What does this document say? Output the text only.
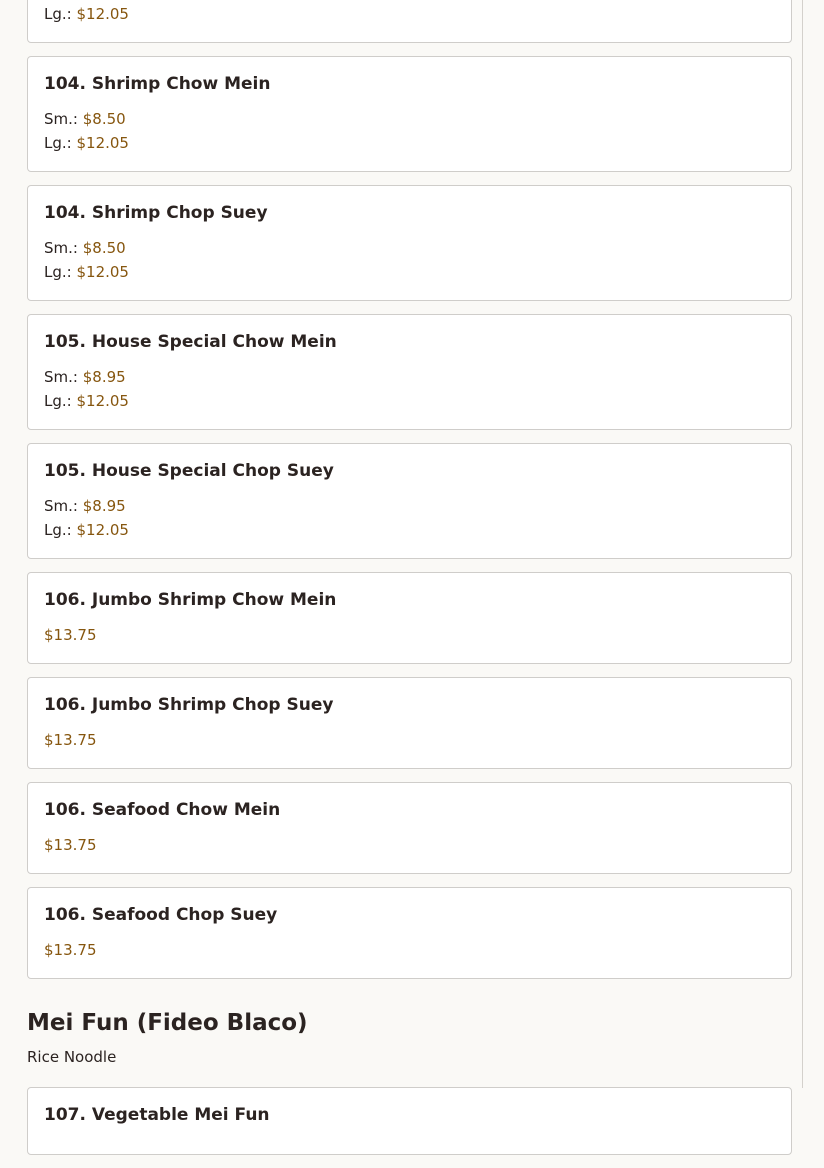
Lg.: $12.05
104. Shrimp Chow Mein
Sm.: $8.50
Lg.: $12.05
104. Shrimp Chop Suey
Sm.: $8.50
Lg.: $12.05
105. House Special Chow Mein
Sm.: $8.95
Lg.: $12.05
105. House Special Chop Suey
Sm.: $8.95
Lg.: $12.05
106. Jumbo Shrimp Chow Mein
$13.75
106. Jumbo Shrimp Chop Suey
$13.75
106. Seafood Chow Mein
$13.75
106. Seafood Chop Suey
$13.75
Mei Fun (Fideo Blaco)

Rice Noodle

107. Vegetable Mei Fun
